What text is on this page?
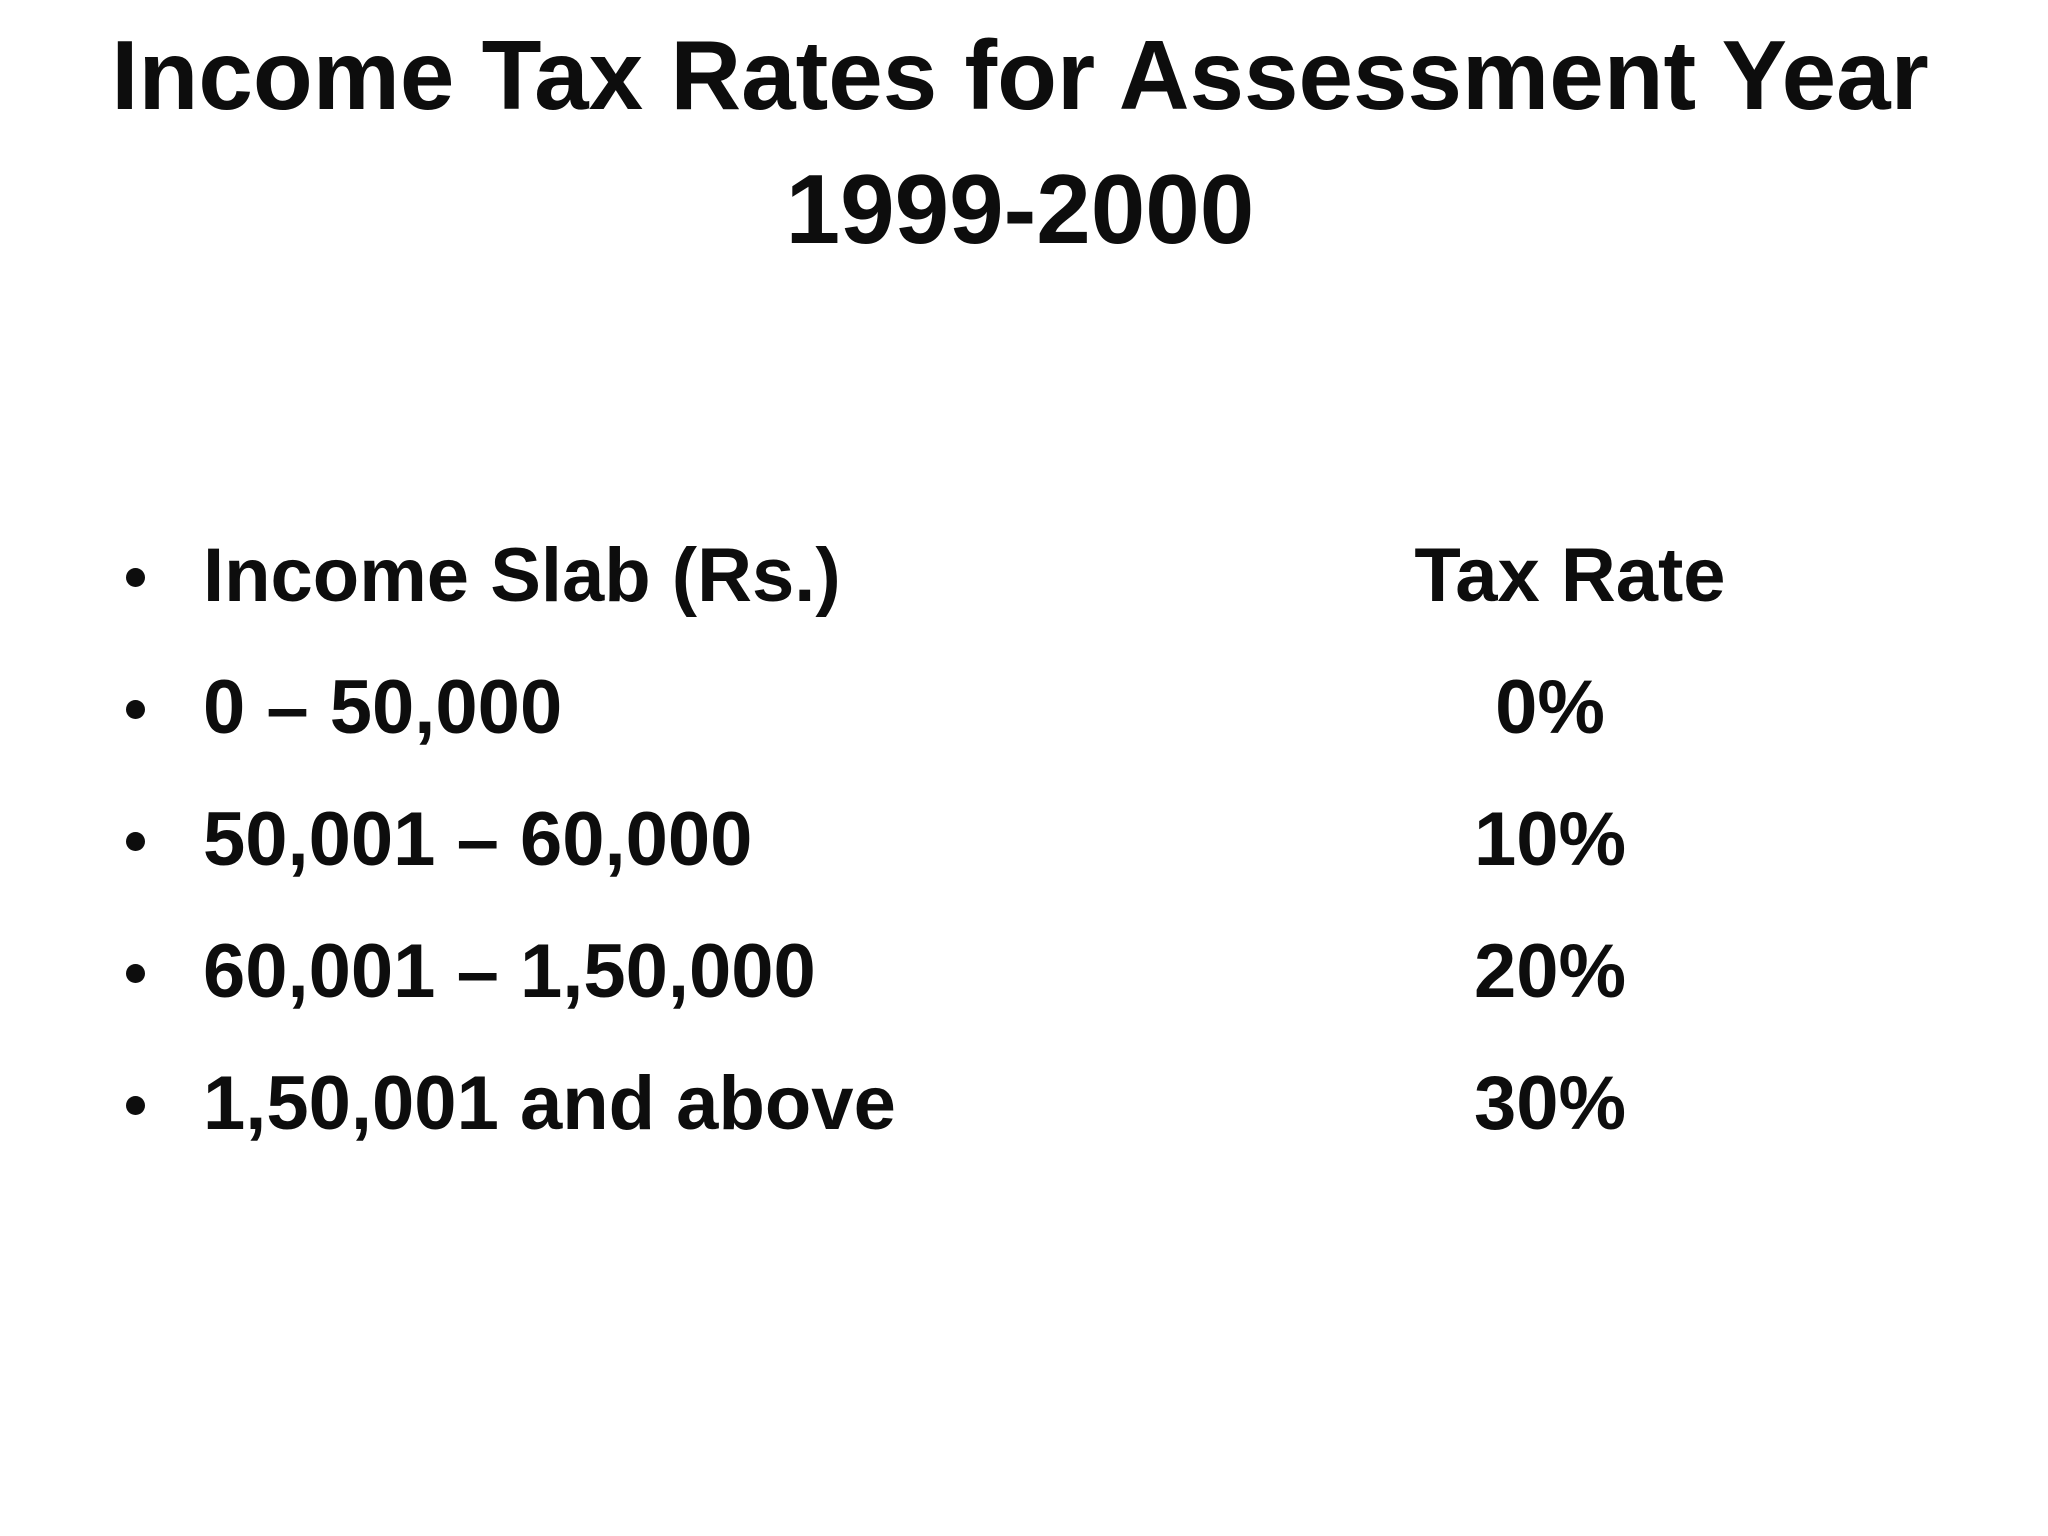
Income Tax Rates for Assessment Year
1999-2000
Income Slab (Rs.)	Tax Rate
0 – 50,000	0%
50,001 – 60,000	10%
60,001 – 1,50,000	20%
1,50,001 and above	30%
